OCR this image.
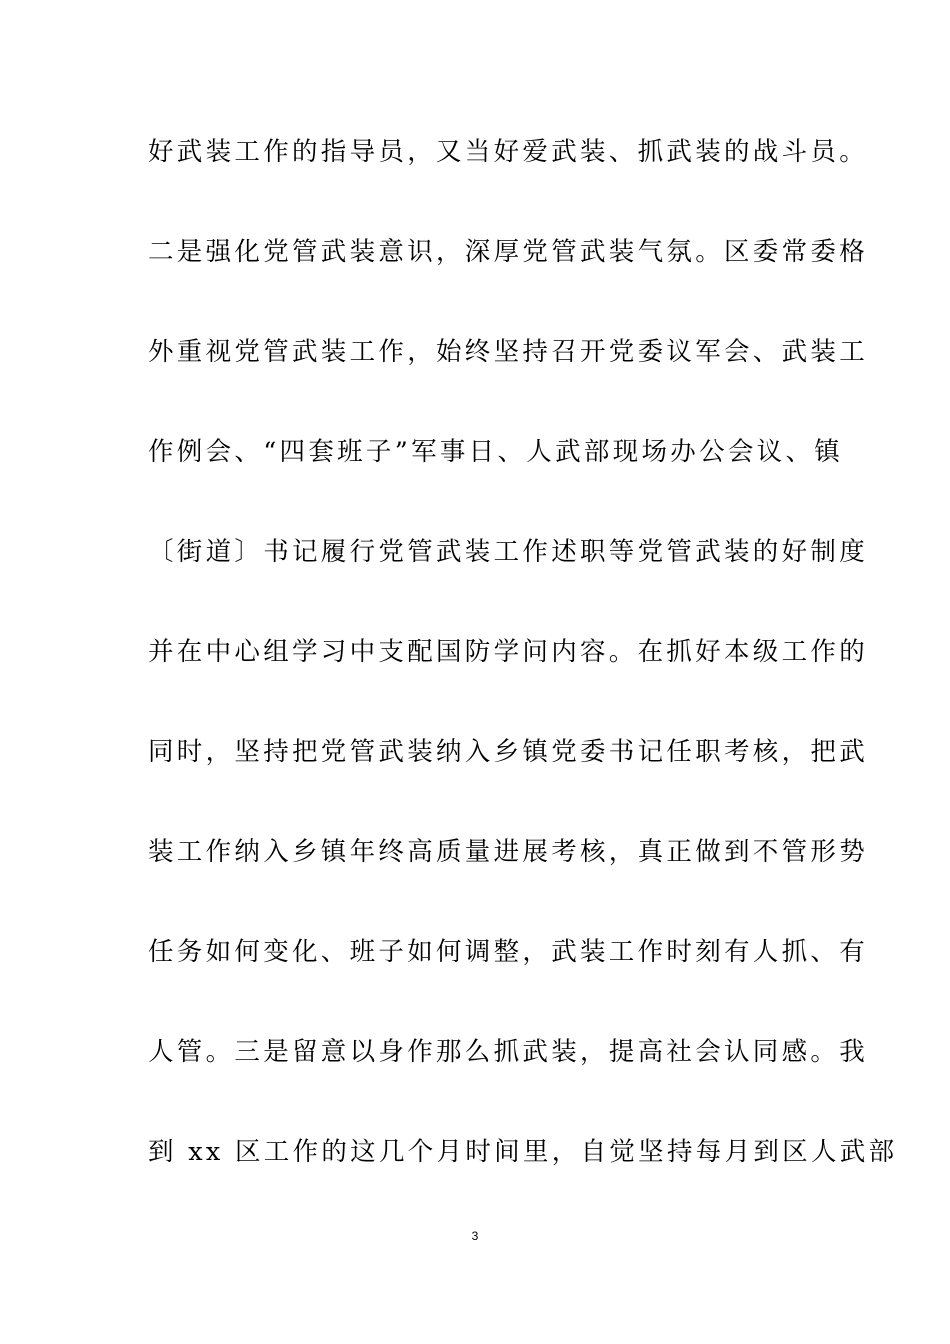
好武装工作的指导员，又当好爱武装、抓武装的战斗员。
二是强化党管武装意识，深厚党管武装气氛。区委常委格
外重视党管武装工作，始终坚持召开党委议军会、武装工
作例会、“四套班子”军事日、人武部现场办公会议、镇
〔街道〕书记履行党管武装工作述职等党管武装的好制度
并在中心组学习中支配国防学问内容。在抓好本级工作的
同时，坚持把党管武装纳入乡镇党委书记任职考核，把武
装工作纳入乡镇年终高质量进展考核，真正做到不管形势
任务如何变化、班子如何调整，武装工作时刻有人抓、有
人管。三是留意以身作那么抓武装，提高社会认同感。我
到 xx 区工作的这几个月时间里，自觉坚持每月到区人武部
3
